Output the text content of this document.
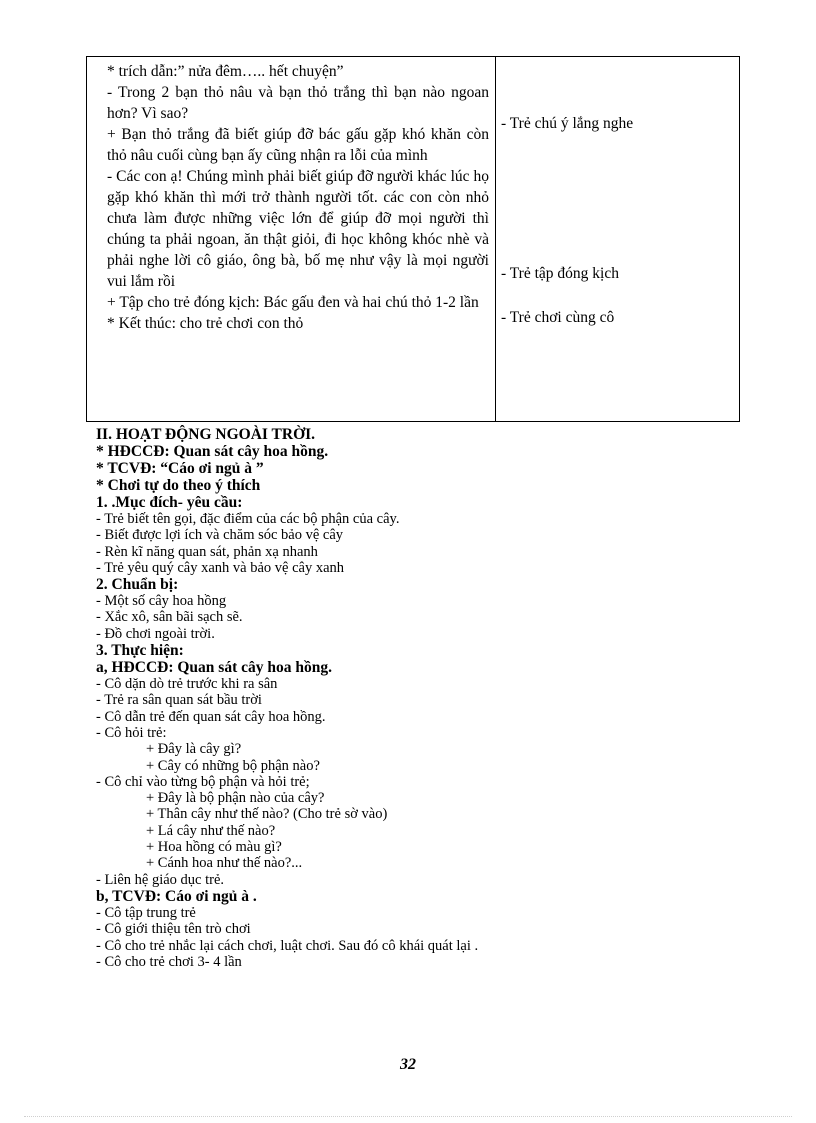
* trích dẫn:” nửa đêm….. hết chuyện”

- Trong 2 bạn thỏ nâu và bạn thỏ trắng thì bạn nào ngoan hơn? Vì sao?

+ Bạn thỏ trắng đã biết giúp đỡ bác gấu gặp khó khăn còn thỏ nâu cuối cùng bạn ấy cũng nhận ra lỗi của mình

- Các con ạ! Chúng mình phải biết giúp đỡ người khác lúc họ gặp khó khăn thì mới trở thành người tốt. các con còn nhỏ chưa làm được những việc lớn để giúp đỡ mọi người thì chúng ta phải ngoan, ăn thật giỏi, đi học không khóc nhè và phải nghe lời cô giáo, ông bà, bố mẹ như vậy là mọi người vui lắm rồi

+ Tập cho trẻ đóng kịch: Bác gấu đen và hai chú thỏ 1-2 lần

* Kết thúc: cho trẻ chơi con thỏ

- Trẻ chú ý lắng nghe
- Trẻ tập đóng kịch
- Trẻ chơi cùng cô
II. HOẠT ĐỘNG NGOÀI TRỜI.
* HĐCCĐ: Quan sát cây hoa hồng.
* TCVĐ: “Cáo ơi ngủ à ”
* Chơi tự do theo ý thích
1. .Mục đích- yêu cầu:
- Trẻ biết tên gọi, đặc điểm của các bộ phận của cây.
- Biết được lợi ích và chăm sóc bảo vệ cây
- Rèn kĩ năng quan sát, phản xạ nhanh
- Trẻ yêu quý cây xanh và bảo vệ cây xanh
2. Chuẩn bị:
- Một số cây hoa hồng
- Xắc xô, sân bãi sạch sẽ.
- Đồ chơi ngoài trời.
3. Thực hiện:
a, HĐCCĐ: Quan sát cây hoa hồng.
- Cô dặn dò trẻ trước khi ra sân
- Trẻ ra sân quan sát bầu trời
- Cô dẫn trẻ đến quan sát cây hoa hồng.
- Cô hỏi trẻ:
+ Đây là cây gì?
+ Cây có những bộ phận nào?
- Cô chỉ vào từng bộ phận và hỏi trẻ;
+ Đây là bộ phận nào của cây?
+ Thân cây như thế nào? (Cho trẻ sờ vào)
+ Lá cây như thế nào?
+ Hoa hồng có màu gì?
+ Cánh hoa như thế nào?...
- Liên hệ giáo dục trẻ.
b, TCVĐ: Cáo ơi ngủ à .
- Cô tập trung trẻ
- Cô giới thiệu tên trò chơi
- Cô cho trẻ nhắc lại cách chơi, luật chơi. Sau đó cô khái quát lại .
- Cô cho trẻ chơi 3- 4 lần
32
